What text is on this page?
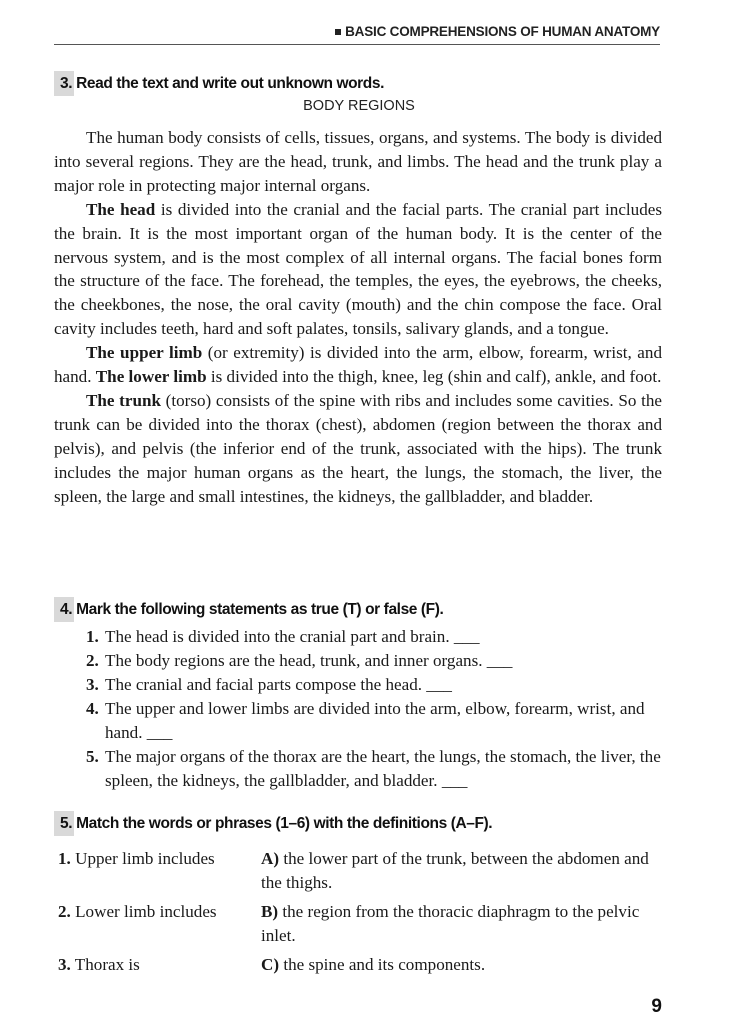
BASIC COMPREHENSIONS OF HUMAN ANATOMY
3. Read the text and write out unknown words.
BODY REGIONS

The human body consists of cells, tissues, organs, and systems. The body is divided into several regions. They are the head, trunk, and limbs. The head and the trunk play a major role in protecting major internal organs.

The head is divided into the cranial and the facial parts. The cranial part includes the brain. It is the most important organ of the human body. It is the center of the nervous system, and is the most complex of all internal organs. The facial bones form the structure of the face. The forehead, the temples, the eyes, the eyebrows, the cheeks, the cheekbones, the nose, the oral cavity (mouth) and the chin compose the face. Oral cavity includes teeth, hard and soft palates, tonsils, salivary glands, and a tongue.

The upper limb (or extremity) is divided into the arm, elbow, forearm, wrist, and hand. The lower limb is divided into the thigh, knee, leg (shin and calf), ankle, and foot.

The trunk (torso) consists of the spine with ribs and includes some cavities. So the trunk can be divided into the thorax (chest), abdomen (region between the thorax and pelvis), and pelvis (the inferior end of the trunk, associated with the hips). The trunk includes the major human organs as the heart, the lungs, the stomach, the liver, the spleen, the large and small intestines, the kidneys, the gallbladder, and bladder.

4. Mark the following statements as true (T) or false (F).
1. The head is divided into the cranial part and brain. ___
2. The body regions are the head, trunk, and inner organs. ___
3. The cranial and facial parts compose the head. ___
4. The upper and lower limbs are divided into the arm, elbow, forearm, wrist, and hand. ___
5. The major organs of the thorax are the heart, the lungs, the stomach, the liver, the spleen, the kidneys, the gallbladder, and bladder. ___
5. Match the words or phrases (1–6) with the definitions (A–F).
1. Upper limb includes	A) the lower part of the trunk, between the abdomen and the thighs.
2. Lower limb includes	B) the region from the thoracic diaphragm to the pelvic inlet.
3. Thorax is	C) the spine and its components.
9
